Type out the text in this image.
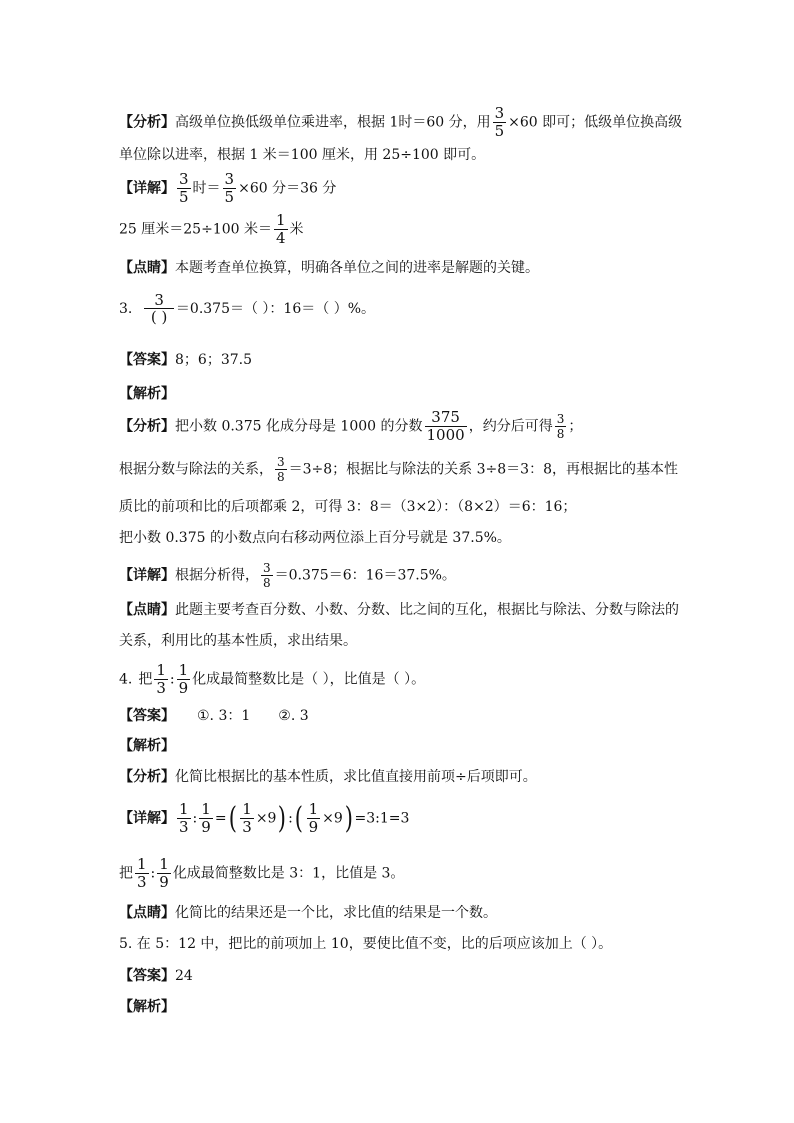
【分析】高级单位换低级单位乘进率，根据 1时＝60 分，用 $\frac{3}{5} \times 60$ 即可；低级单位换高级
单位除以进率，根据 1 米＝100 厘米，用 25÷100 即可。
【详解】 $\frac{3}{5}$ 时＝ $\frac{3}{5} \times 60$ 分＝36 分
25 厘米＝25÷100 米＝ $\frac{1}{4}$ 米
【点睛】本题考查单位换算，明确各单位之间的进率是解题的关键。
3. $\frac{3}{( )} =0.375=$（ ）：16＝（ ）%。
【答案】8；6；37.5
【解析】
【分析】把小数 0.375 化成分母是 1000 的分数 $\frac{375}{1000}$ ，约分后可得 $\frac{3}{8}$ ；
根据分数与除法的关系， $\frac{3}{8} =3\div 8$；根据比与除法的关系 3÷8＝3：8，再根据比的基本性
质比的前项和比的后项都乘 2，可得 3：8＝（3×2）：（8×2）＝6：16；
把小数 0.375 的小数点向右移动两位添上百分号就是 37.5%。
【详解】根据分析得， $\frac{3}{8} =0.375=6$：16＝37.5%。
【点睛】此题主要考查百分数、小数、分数、比之间的互化，根据比与除法、分数与除法的
关系，利用比的基本性质，求出结果。
4. 把 $\frac{1}{3}$ : $\frac{1}{9}$ 化成最简整数比是（ ），比值是（ ）。
【答案】 ①. 3：1 ②. 3
【解析】
【分析】化简比根据比的基本性质，求比值直接用前项÷后项即可。
【详解】 $\frac{1}{3}$ : $\frac{1}{9}$ =( $\frac{1}{3} \times 9$) :( $\frac{1}{9} \times 9$) =3:1=3
把 $\frac{1}{3}$ : $\frac{1}{9}$ 化成最简整数比是 3：1，比值是 3。
【点睛】化简比的结果还是一个比，求比值的结果是一个数。
5. 在 5：12 中，把比的前项加上 10，要使比值不变，比的后项应该加上（ ）。
【答案】24
【解析】
